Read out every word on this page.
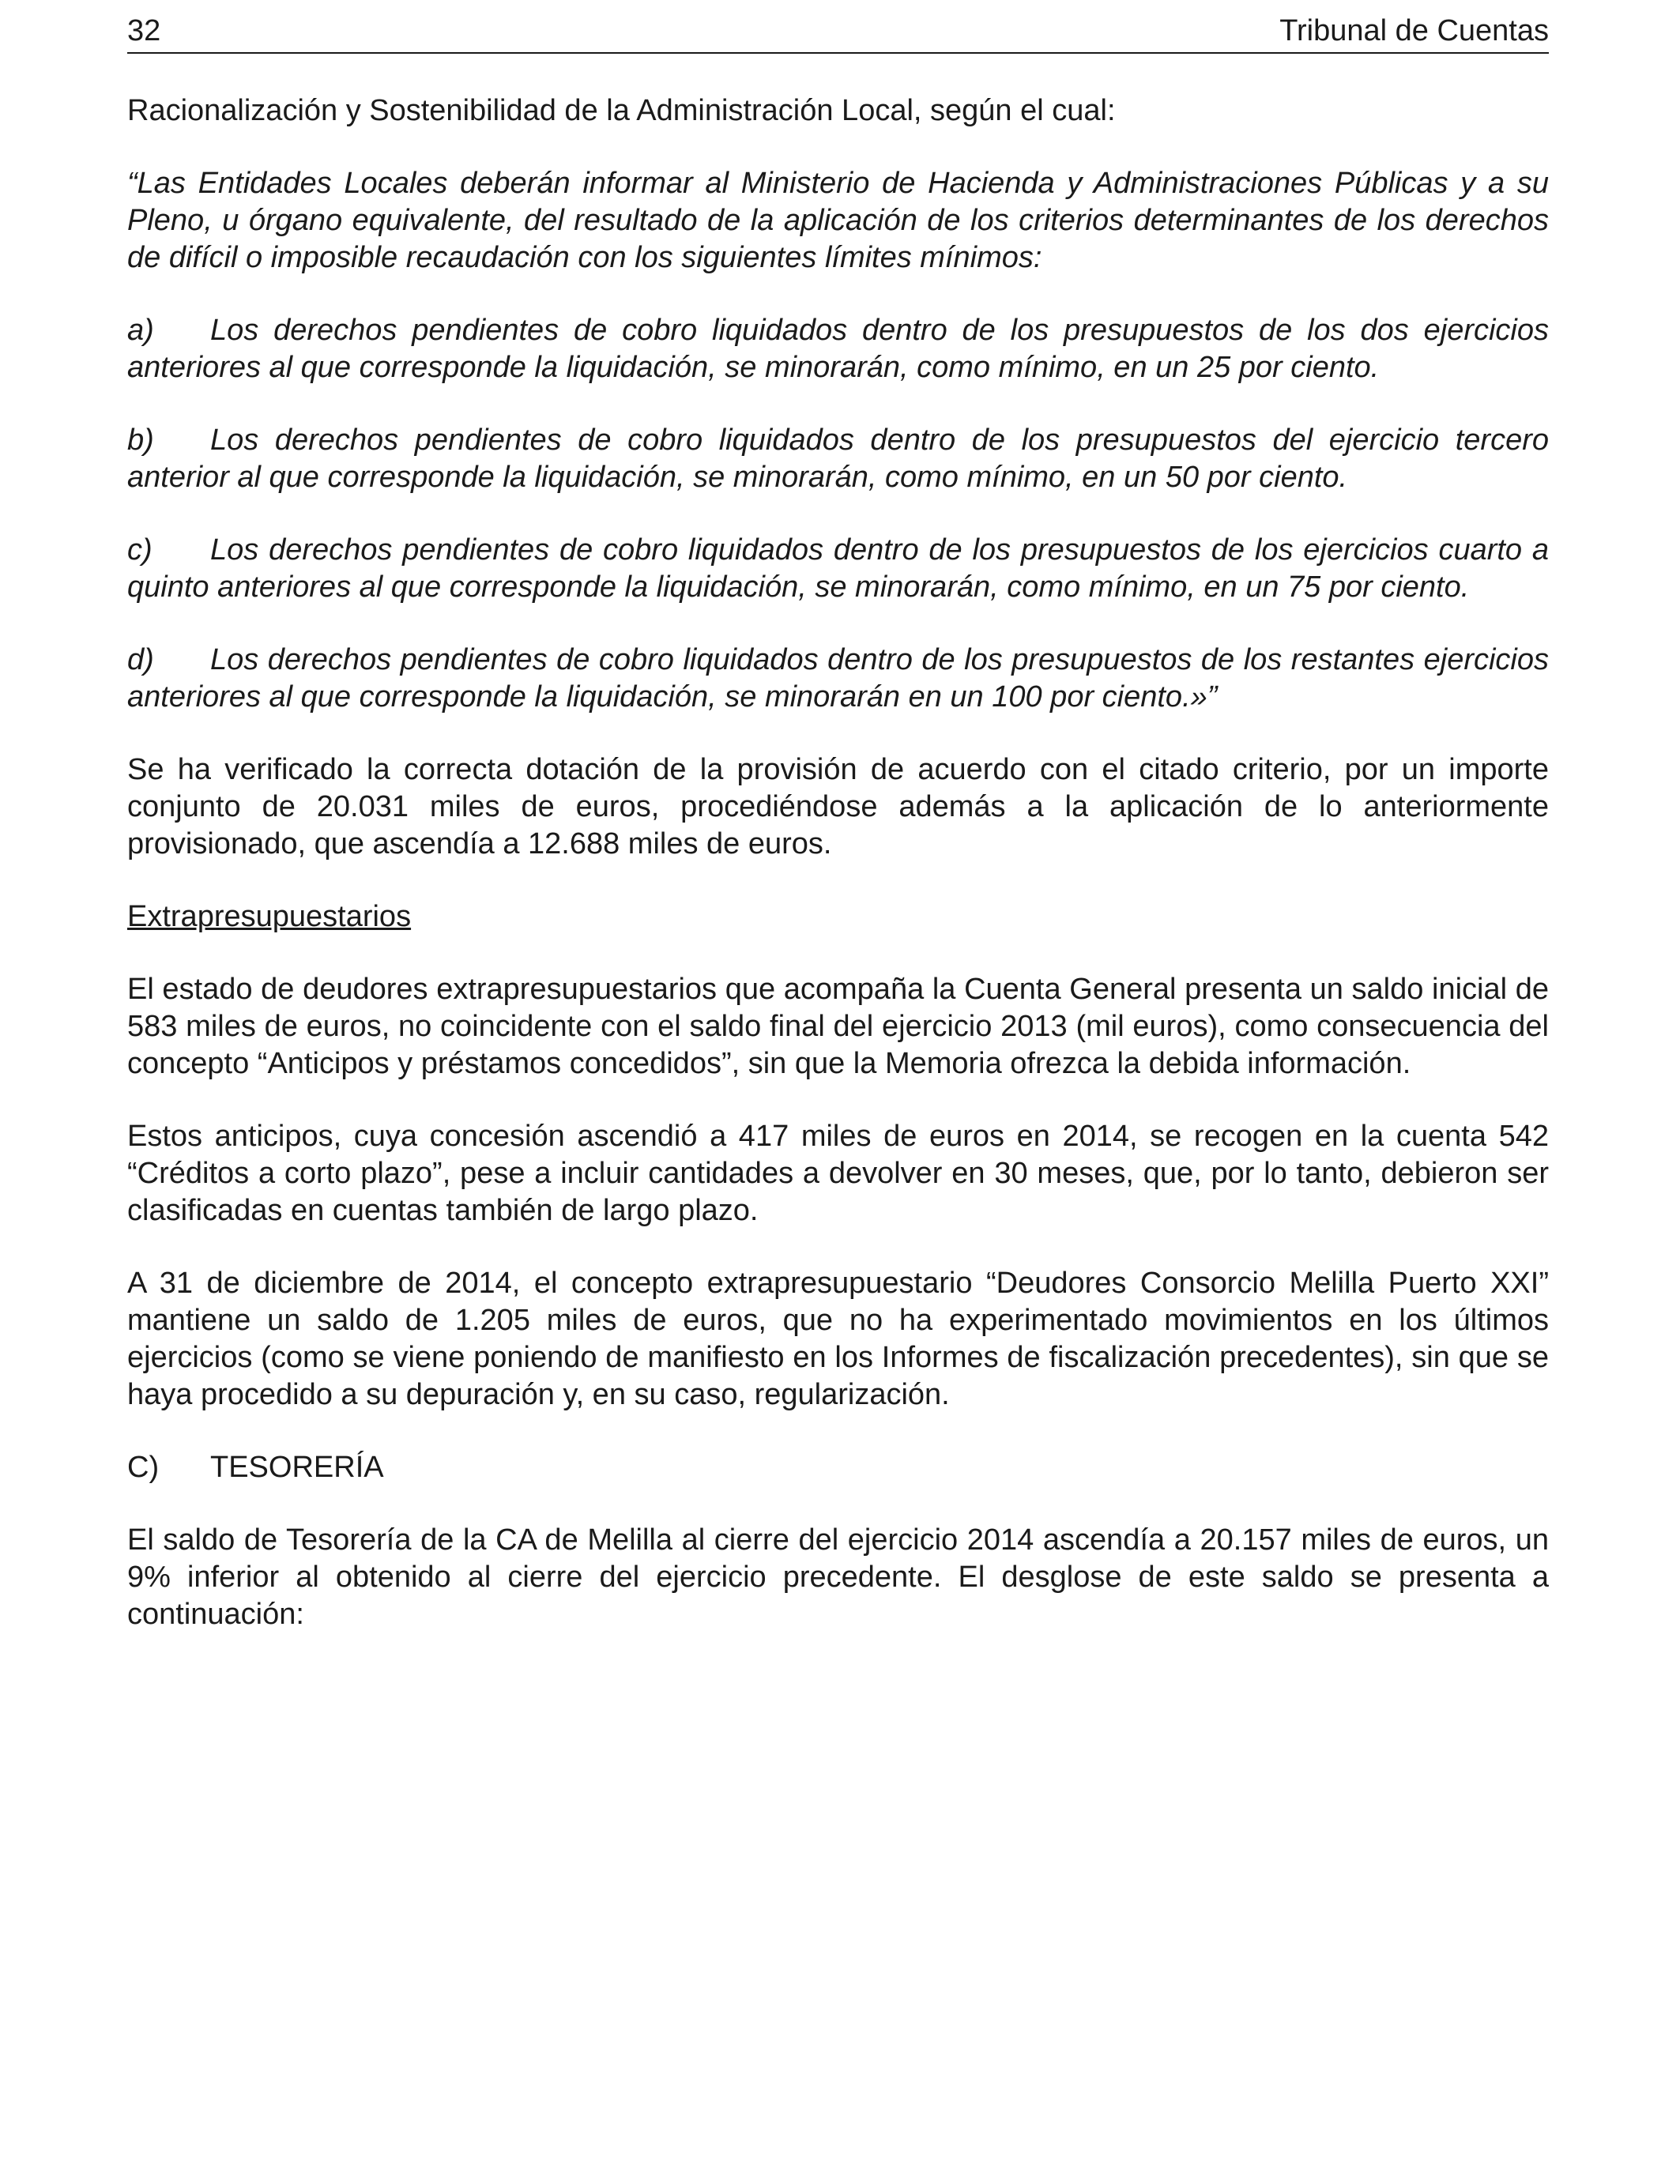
32	Tribunal de Cuentas

Racionalización y Sostenibilidad de la Administración Local, según el cual:

“Las Entidades Locales deberán informar al Ministerio de Hacienda y Administraciones Públicas y a su Pleno, u órgano equivalente, del resultado de la aplicación de los criterios determinantes de los derechos de difícil o imposible recaudación con los siguientes límites mínimos:

a) Los derechos pendientes de cobro liquidados dentro de los presupuestos de los dos ejercicios anteriores al que corresponde la liquidación, se minorarán, como mínimo, en un 25 por ciento.

b) Los derechos pendientes de cobro liquidados dentro de los presupuestos del ejercicio tercero anterior al que corresponde la liquidación, se minorarán, como mínimo, en un 50 por ciento.

c) Los derechos pendientes de cobro liquidados dentro de los presupuestos de los ejercicios cuarto a quinto anteriores al que corresponde la liquidación, se minorarán, como mínimo, en un 75 por ciento.

d) Los derechos pendientes de cobro liquidados dentro de los presupuestos de los restantes ejercicios anteriores al que corresponde la liquidación, se minorarán en un 100 por ciento.»”

Se ha verificado la correcta dotación de la provisión de acuerdo con el citado criterio, por un importe conjunto de 20.031 miles de euros, procediéndose además a la aplicación de lo anteriormente provisionado, que ascendía a 12.688 miles de euros.

Extrapresupuestarios

El estado de deudores extrapresupuestarios que acompaña la Cuenta General presenta un saldo inicial de 583 miles de euros, no coincidente con el saldo final del ejercicio 2013 (mil euros), como consecuencia del concepto “Anticipos y préstamos concedidos”, sin que la Memoria ofrezca la debida información.

Estos anticipos, cuya concesión ascendió a 417 miles de euros en 2014, se recogen en la cuenta 542 “Créditos a corto plazo”, pese a incluir cantidades a devolver en 30 meses, que, por lo tanto, debieron ser clasificadas en cuentas también de largo plazo.

A 31 de diciembre de 2014, el concepto extrapresupuestario “Deudores Consorcio Melilla Puerto XXI” mantiene un saldo de 1.205 miles de euros, que no ha experimentado movimientos en los últimos ejercicios (como se viene poniendo de manifiesto en los Informes de fiscalización precedentes), sin que se haya procedido a su depuración y, en su caso, regularización.

C) TESORERÍA

El saldo de Tesorería de la CA de Melilla al cierre del ejercicio 2014 ascendía a 20.157 miles de euros, un 9% inferior al obtenido al cierre del ejercicio precedente. El desglose de este saldo se presenta a continuación:
